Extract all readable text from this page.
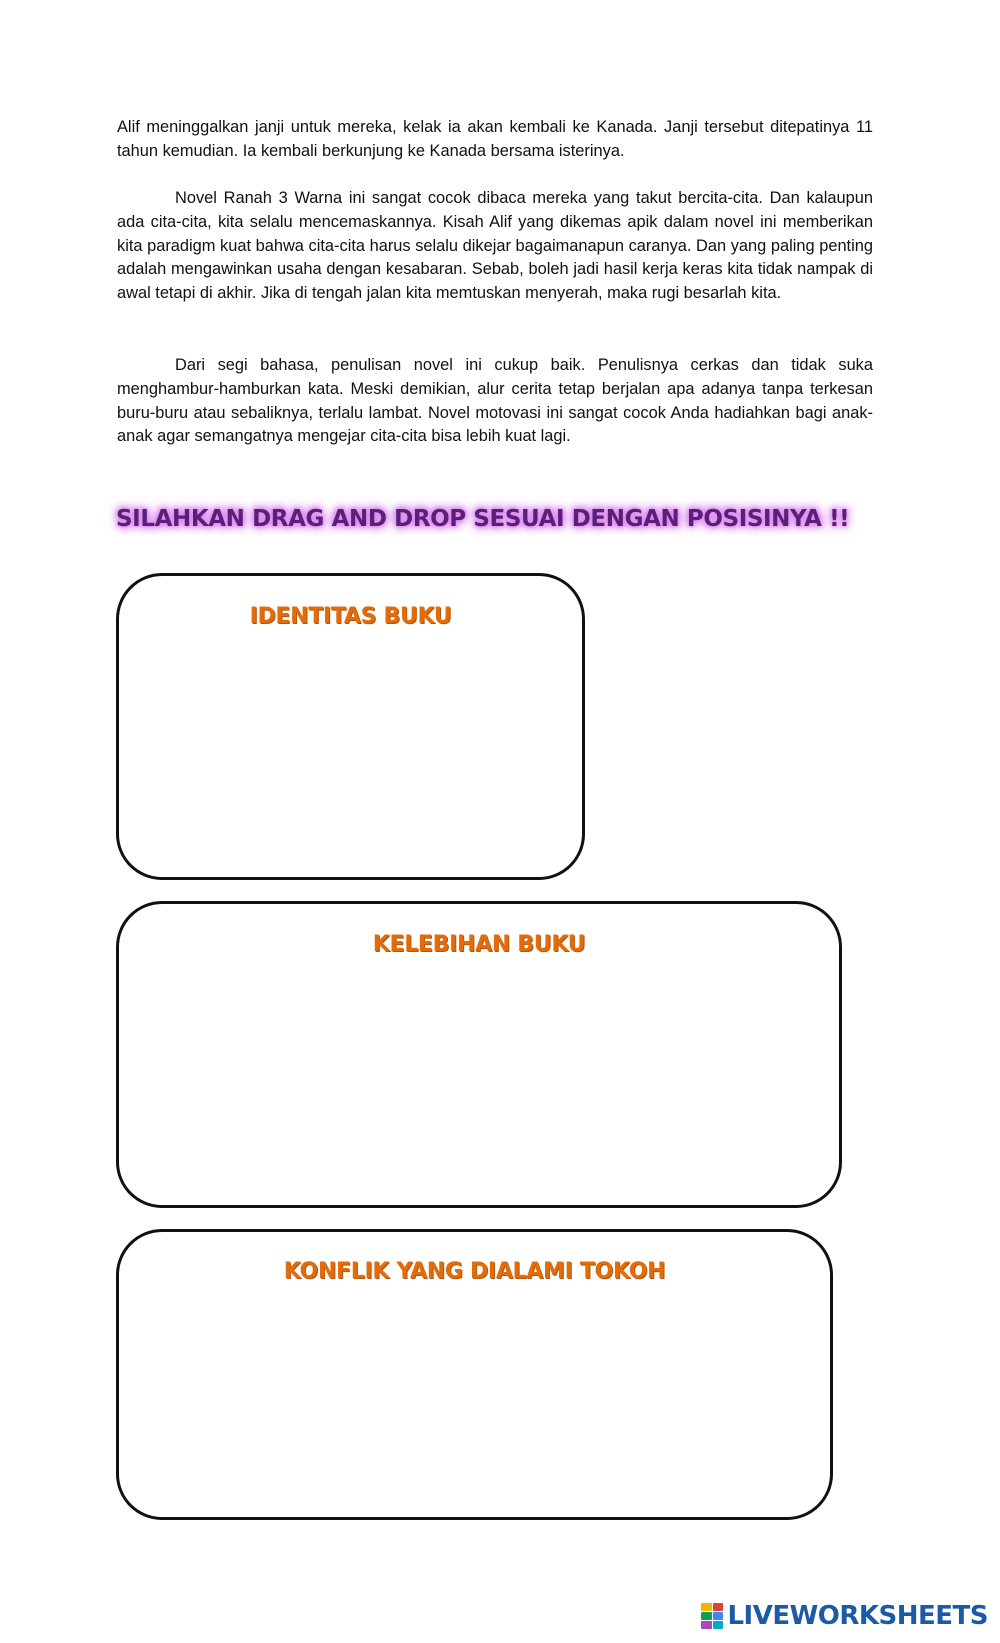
Alif meninggalkan janji untuk mereka, kelak ia akan kembali ke Kanada. Janji tersebut ditepatinya 11 tahun kemudian. Ia kembali berkunjung ke Kanada bersama isterinya.

Novel Ranah 3 Warna ini sangat cocok dibaca mereka yang takut bercita-cita. Dan kalaupun ada cita-cita, kita selalu mencemaskannya. Kisah Alif yang dikemas apik dalam novel ini memberikan kita paradigm kuat bahwa cita-cita harus selalu dikejar bagaimanapun caranya. Dan yang paling penting adalah mengawinkan usaha dengan kesabaran. Sebab, boleh jadi hasil kerja keras kita tidak nampak di awal tetapi di akhir. Jika di tengah jalan kita memtuskan menyerah, maka rugi besarlah kita.

Dari segi bahasa, penulisan novel ini cukup baik. Penulisnya cerkas dan tidak suka menghambur-hamburkan kata. Meski demikian, alur cerita tetap berjalan apa adanya tanpa terkesan buru-buru atau sebaliknya, terlalu lambat. Novel motovasi ini sangat cocok Anda hadiahkan bagi anak-anak agar semangatnya mengejar cita-cita bisa lebih kuat lagi.

SILAHKAN DRAG AND DROP SESUAI DENGAN POSISINYA !!
IDENTITAS BUKU
KELEBIHAN BUKU
KONFLIK YANG DIALAMI TOKOH
LIVEWORKSHEETS
